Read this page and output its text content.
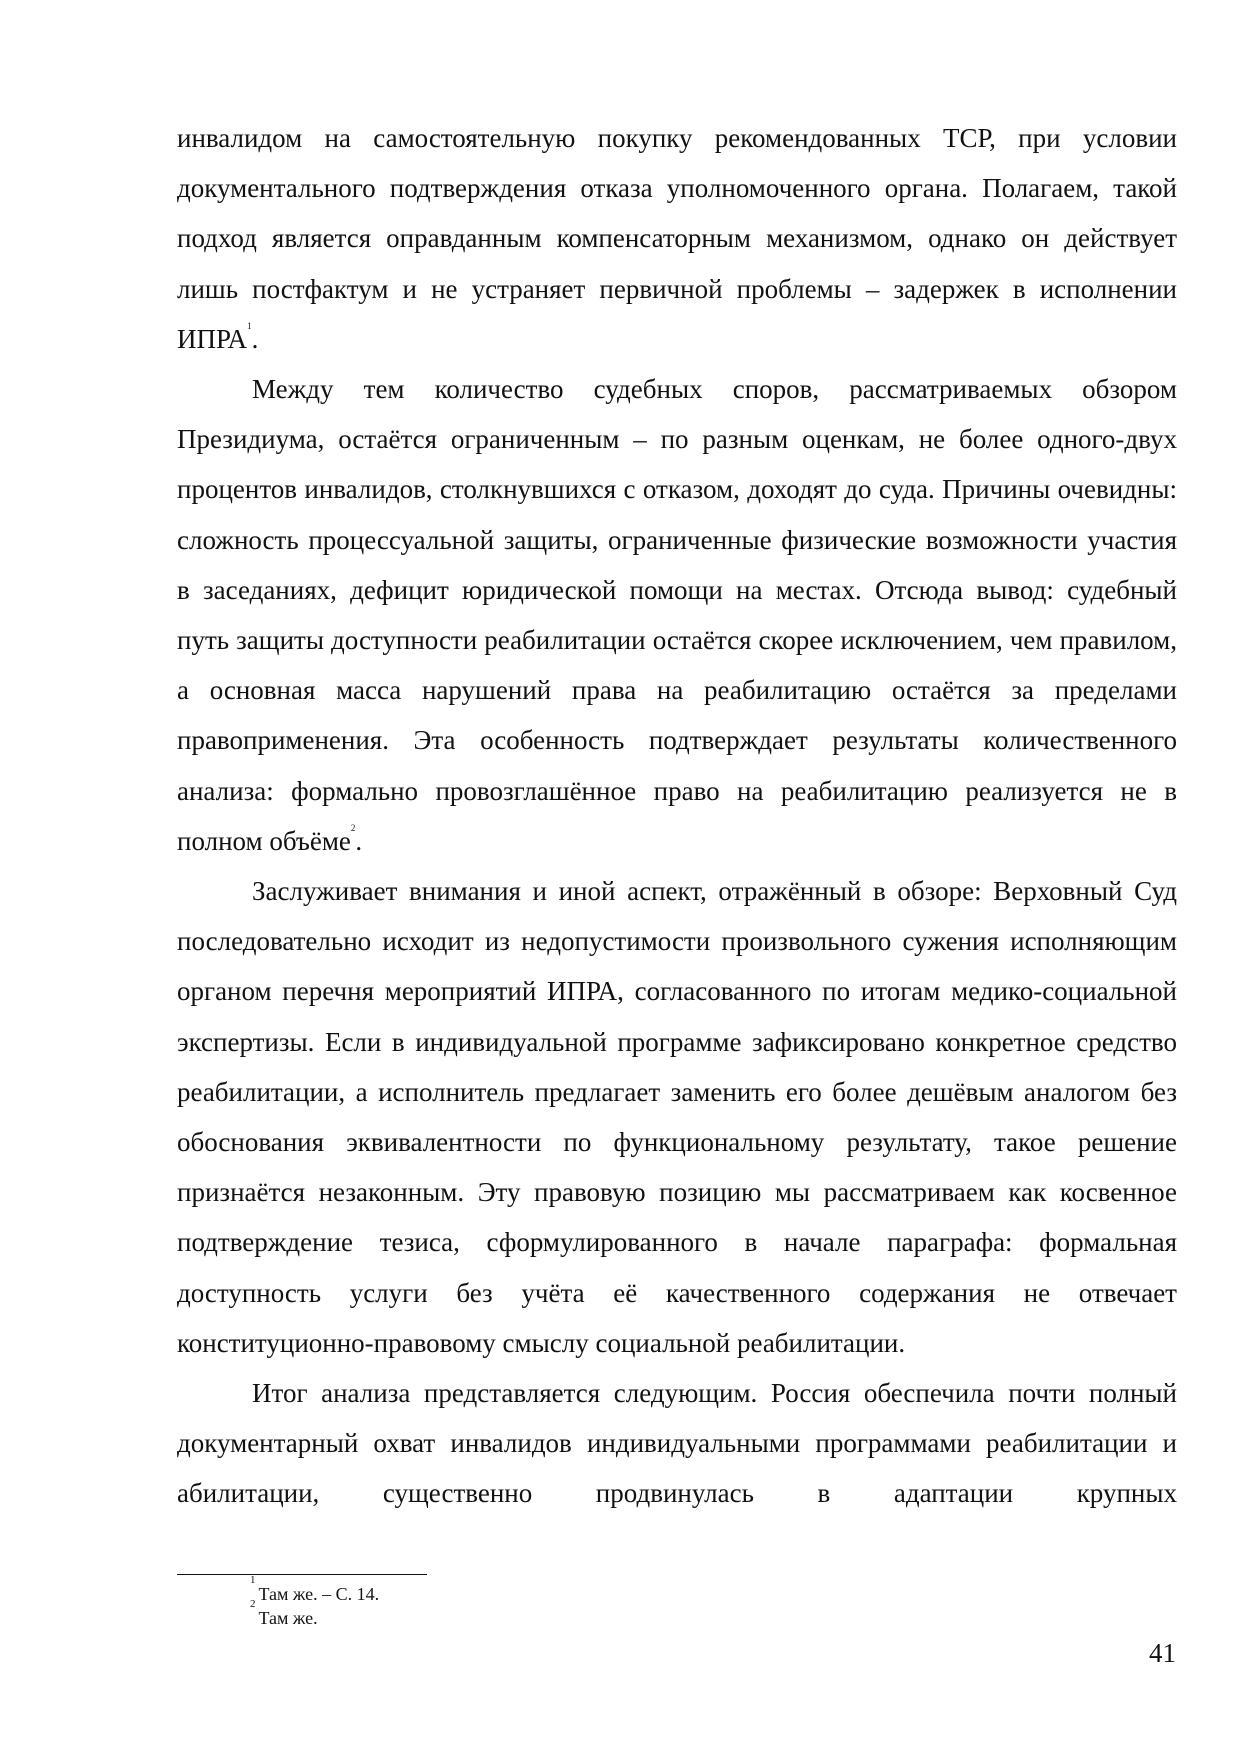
инвалидом на самостоятельную покупку рекомендованных ТСР, при условии документального подтверждения отказа уполномоченного органа. Полагаем, такой подход является оправданным компенсаторным механизмом, однако он действует лишь постфактум и не устраняет первичной проблемы – задержек в исполнении ИПРА$^1$.

Между тем количество судебных споров, рассматриваемых обзором Президиума, остаётся ограниченным – по разным оценкам, не более одного-двух процентов инвалидов, столкнувшихся с отказом, доходят до суда. Причины очевидны: сложность процессуальной защиты, ограниченные физические возможности участия в заседаниях, дефицит юридической помощи на местах. Отсюда вывод: судебный путь защиты доступности реабилитации остаётся скорее исключением, чем правилом, а основная масса нарушений права на реабилитацию остаётся за пределами правоприменения. Эта особенность подтверждает результаты количественного анализа: формально провозглашённое право на реабилитацию реализуется не в полном объёме$^2$.

Заслуживает внимания и иной аспект, отражённый в обзоре: Верховный Суд последовательно исходит из недопустимости произвольного сужения исполняющим органом перечня мероприятий ИПРА, согласованного по итогам медико-социальной экспертизы. Если в индивидуальной программе зафиксировано конкретное средство реабилитации, а исполнитель предлагает заменить его более дешёвым аналогом без обоснования эквивалентности по функциональному результату, такое решение признаётся незаконным. Эту правовую позицию мы рассматриваем как косвенное подтверждение тезиса, сформулированного в начале параграфа: формальная доступность услуги без учёта её качественного содержания не отвечает конституционно-правовому смыслу социальной реабилитации.

Итог анализа представляется следующим. Россия обеспечила почти полный документарный охват инвалидов индивидуальными программами реабилитации и абилитации, существенно продвинулась в адаптации крупных

$^1$Там же. – С. 14.

$^2$Там же.

41
